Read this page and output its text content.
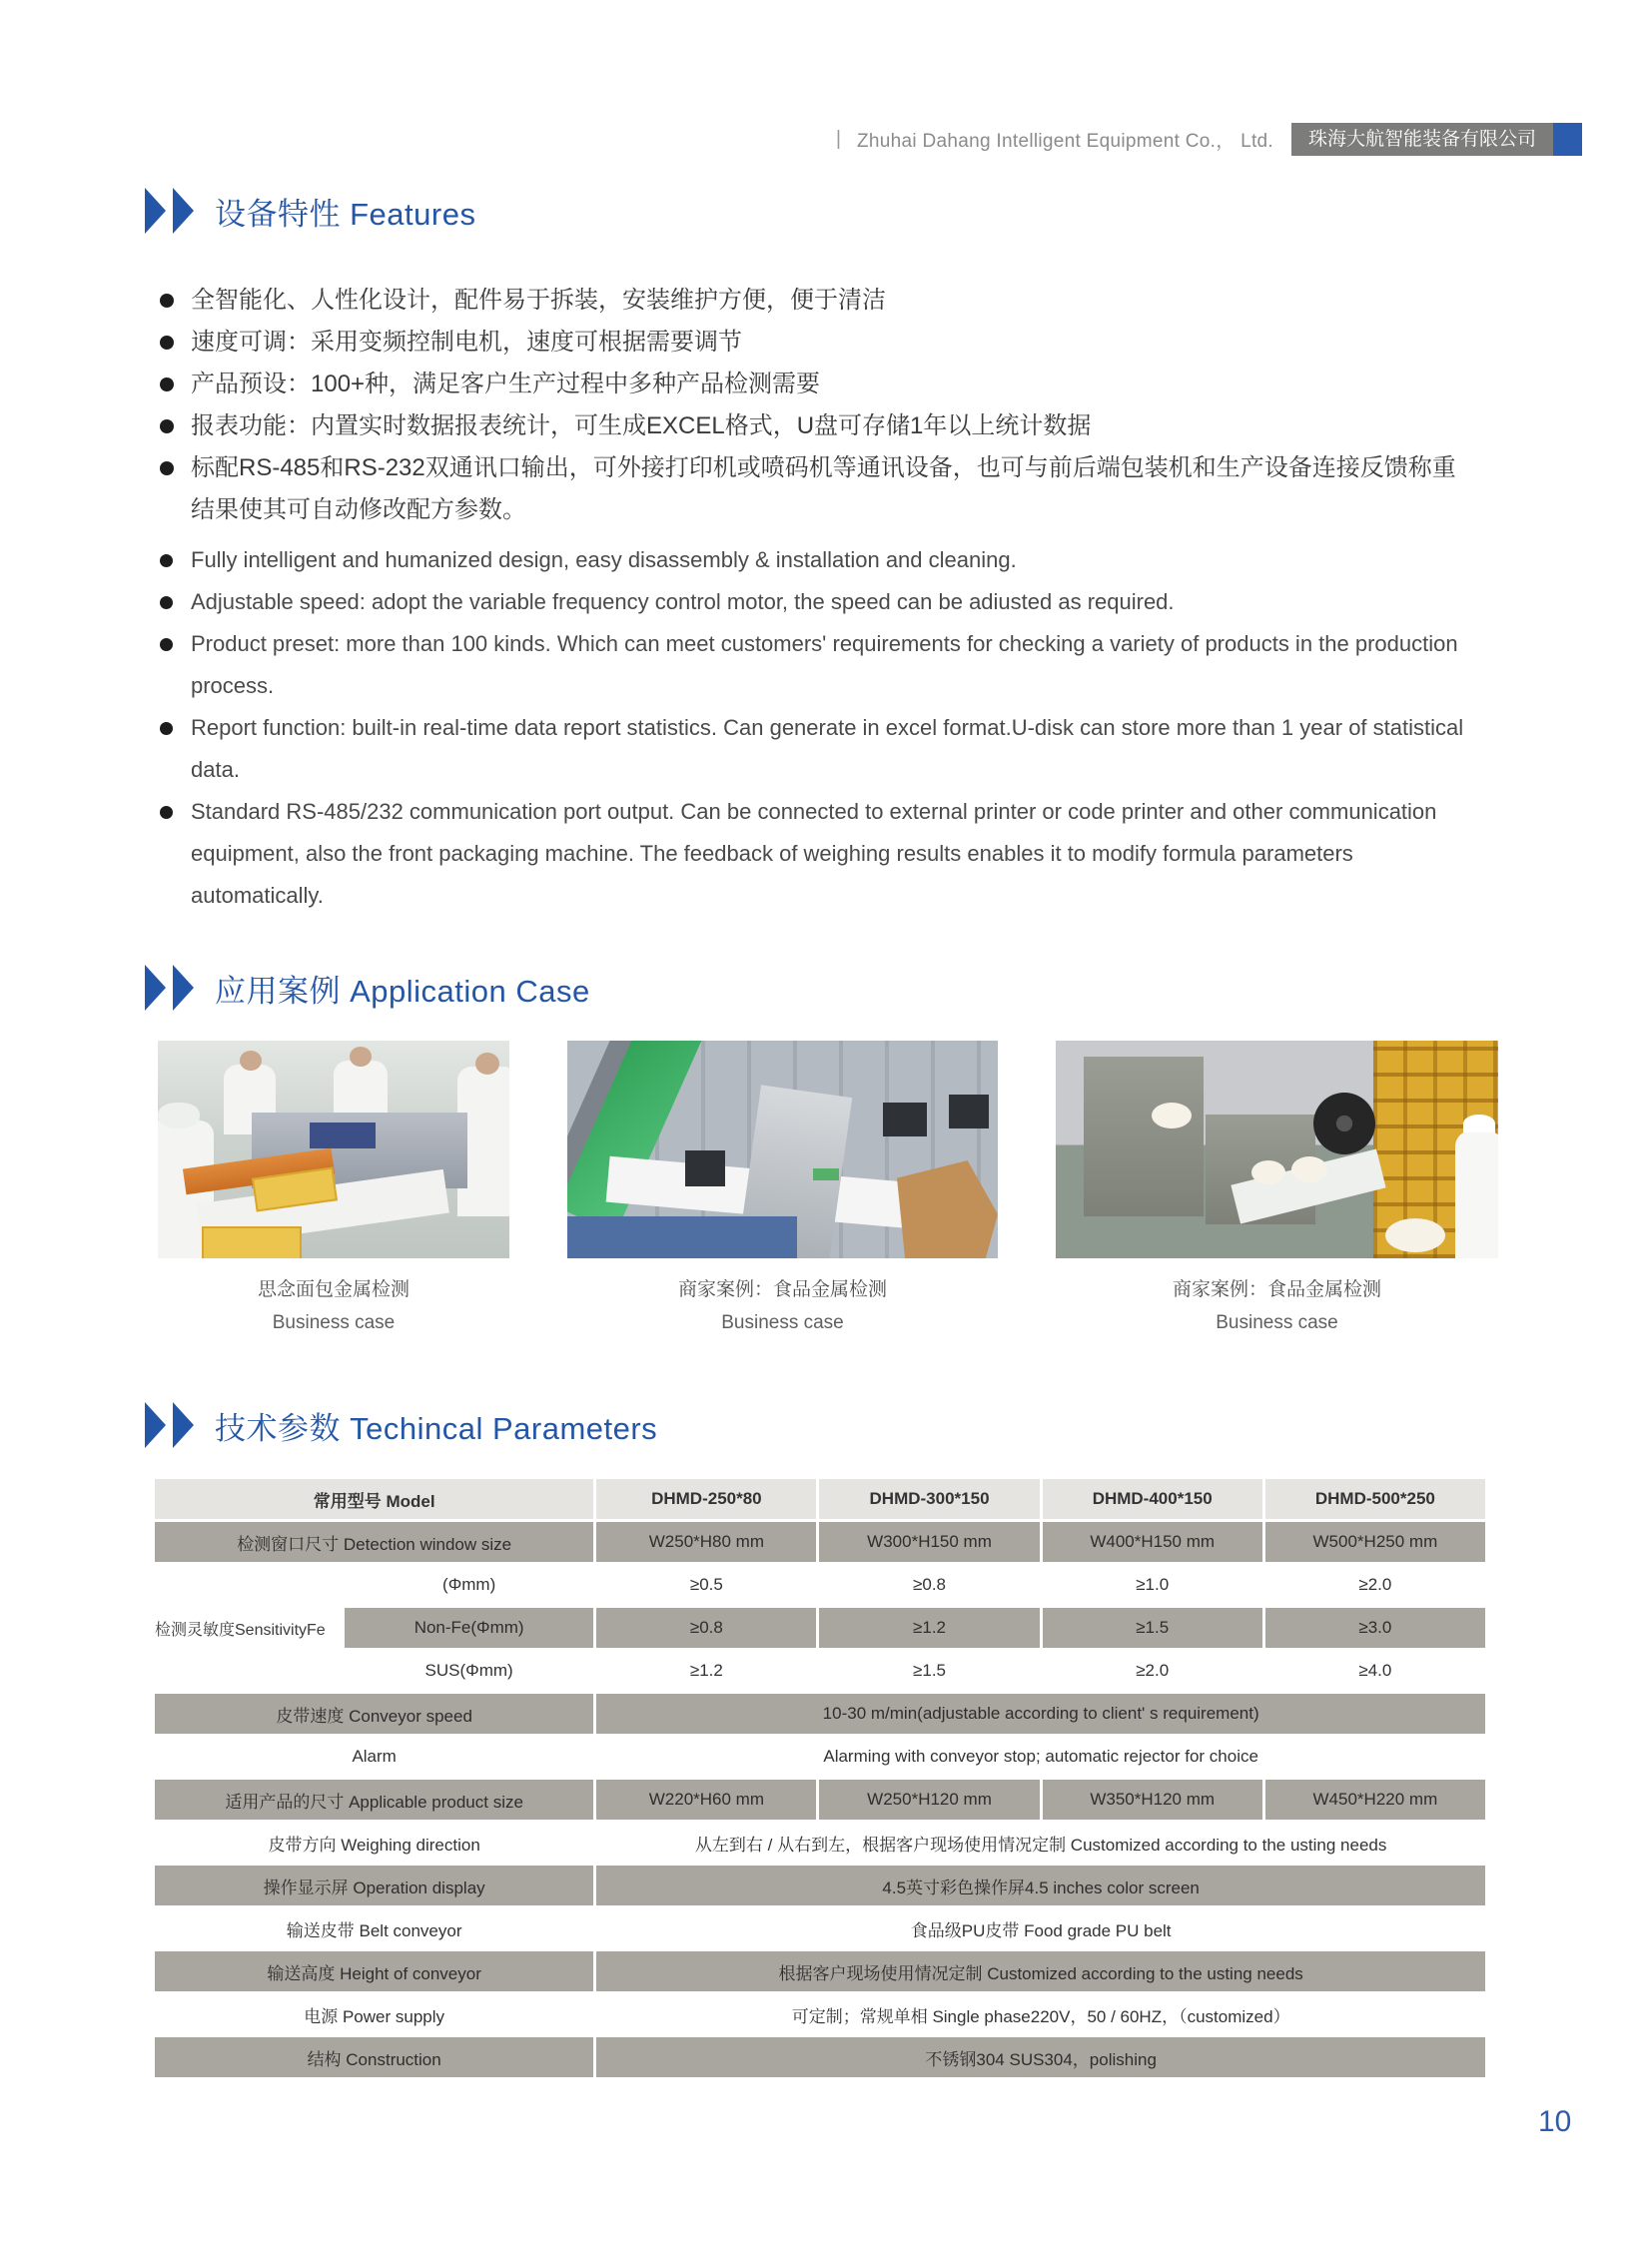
| Zhuhai Dahang Intelligent Equipment Co.， Ltd.	珠海大航智能装备有限公司
设备特性 Features
全智能化、人性化设计，配件易于拆装，安装维护方便，便于清洁
速度可调：采用变频控制电机，速度可根据需要调节
产品预设：100+种，满足客户生产过程中多种产品检测需要
报表功能：内置实时数据报表统计，可生成EXCEL格式，U盘可存储1年以上统计数据
标配RS-485和RS-232双通讯口输出，可外接打印机或喷码机等通讯设备，也可与前后端包装机和生产设备连接反馈称重结果使其可自动修改配方参数。
Fully intelligent and humanized design, easy disassembly & installation and cleaning.
Adjustable speed: adopt the variable frequency control motor, the speed can be adiusted as required.
Product preset: more than 100 kinds. Which can meet customers' requirements for checking a variety of products in the production process.
Report function: built-in real-time data report statistics. Can generate in excel format.U-disk can store more than 1 year of statistical data.
Standard RS-485/232 communication port output. Can be connected to external printer or code printer and other communication equipment, also the front packaging machine. The feedback of weighing results enables it to modify formula parameters automatically.
应用案例 Application Case
思念面包金属检测
Business case
商家案例：食品金属检测
Business case
商家案例：食品金属检测
Business case
技术参数 Techincal Parameters
常用型号 Model		DHMD-250*80	DHMD-300*150	DHMD-400*150	DHMD-500*250
检测窗口尺寸 Detection window size		W250*H80 mm	W300*H150 mm	W400*H150 mm	W500*H250 mm
检测灵敏度SensitivityFe	(Φmm)	≥0.5	≥0.8	≥1.0	≥2.0
	Non-Fe(Φmm)	≥0.8	≥1.2	≥1.5	≥3.0
	SUS(Φmm)	≥1.2	≥1.5	≥2.0	≥4.0
皮带速度 Conveyor speed		10-30 m/min(adjustable according to client' s requirement)			
Alarm		Alarming with conveyor stop; automatic rejector for choice			
适用产品的尺寸 Applicable product size		W220*H60 mm	W250*H120 mm	W350*H120 mm	W450*H220 mm
皮带方向 Weighing direction		从左到右 / 从右到左，根据客户现场使用情况定制 Customized according to the usting needs			
操作显示屏 Operation display		4.5英寸彩色操作屏4.5 inches color screen			
输送皮带 Belt conveyor		食品级PU皮带 Food grade PU belt			
输送高度 Height of conveyor		根据客户现场使用情况定制 Customized according to the usting needs			
电源 Power supply		可定制；常规单相 Single phase220V，50 / 60HZ，（customized）			
结构 Construction		不锈钢304 SUS304，polishing			
10
